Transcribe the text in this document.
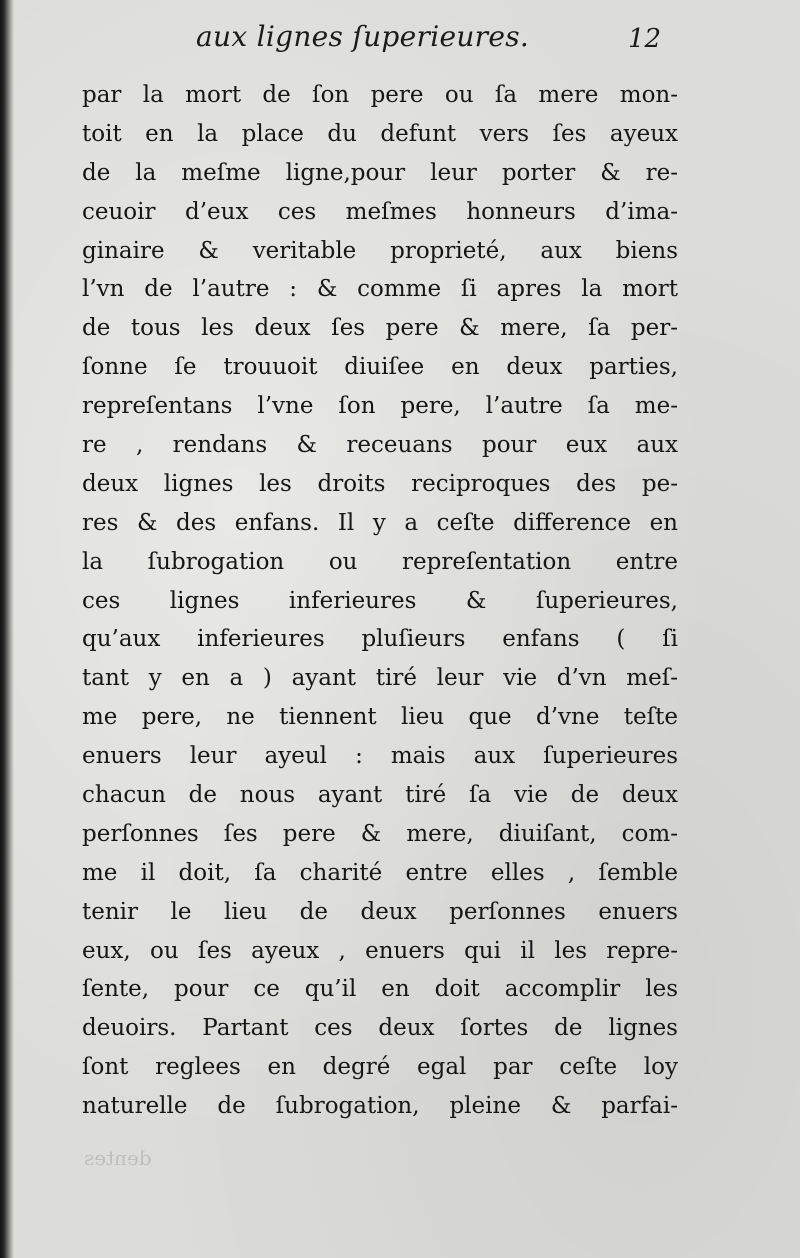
aux lignes ſuperieures.	12
par la mort de ſon pere ou ſa mere mon-
toit en la place du defunt vers ſes ayeux
de la meſme ligne,pour leur porter & re-
ceuoir d’eux ces meſmes honneurs d’ima-
ginaire & veritable proprieté, aux biens
l’vn de l’autre : & comme ſi apres la mort
de tous les deux ſes pere & mere, ſa per-
ſonne ſe trouuoit diuiſee en deux parties,
repreſentans l’vne ſon pere, l’autre ſa me-
re , rendans & receuans pour eux aux
deux lignes les droits reciproques des pe-
res & des enfans. Il y a ceſte difference en
la ſubrogation ou repreſentation entre
ces lignes inferieures & ſuperieures,
qu’aux inferieures pluſieurs enfans ( ſi
tant y en a ) ayant tiré leur vie d’vn meſ-
me pere, ne tiennent lieu que d’vne teſte
enuers leur ayeul : mais aux ſuperieures
chacun de nous ayant tiré ſa vie de deux
perſonnes ſes pere & mere, diuiſant, com-
me il doit, ſa charité entre elles , ſemble
tenir le lieu de deux perſonnes enuers
eux, ou ſes ayeux , enuers qui il les repre-
ſente, pour ce qu’il en doit accomplir les
deuoirs. Partant ces deux ſortes de lignes
ſont reglees en degré egal par ceſte loy
naturelle de ſubrogation, pleine & parfai-
dentes
